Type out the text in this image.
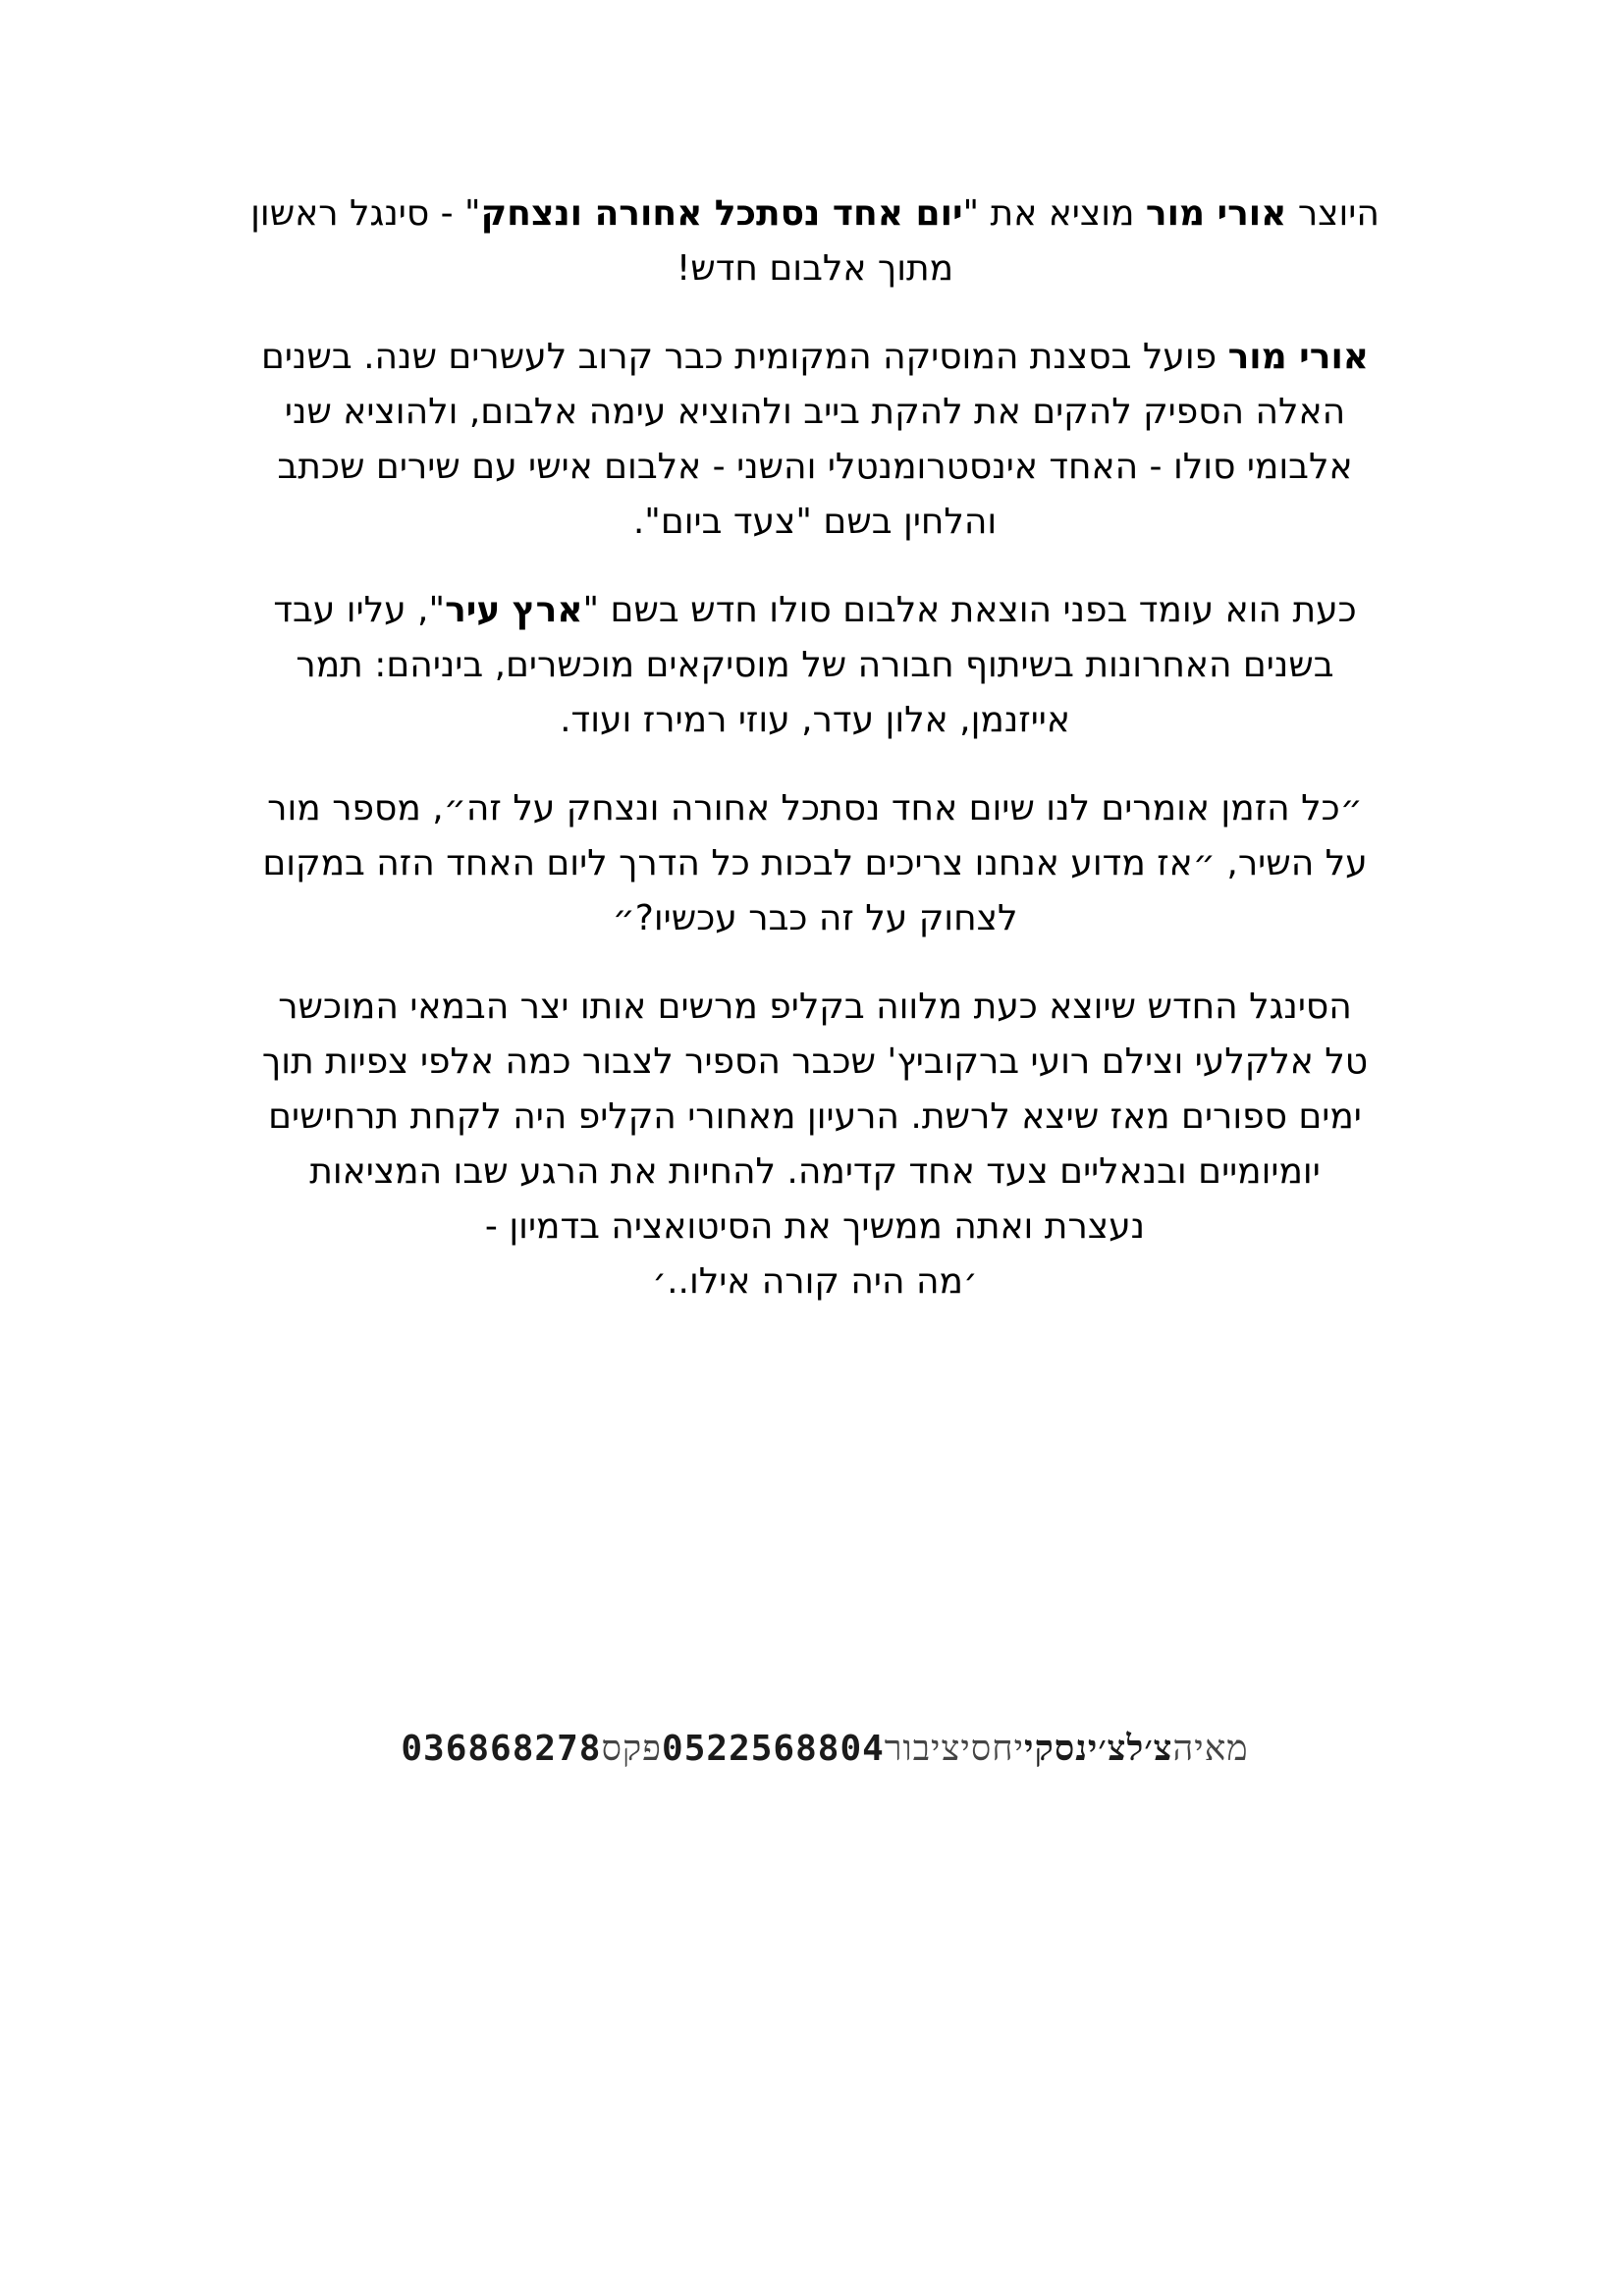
היוצר אורי מור מוציא את "יום אחד נסתכל אחורה ונצחק" - סינגל ראשון
מתוך אלבום חדש!

אורי מור פועל בסצנת המוסיקה המקומית כבר קרוב לעשרים שנה. בשנים
האלה הספיק להקים את להקת בייב ולהוציא עימה אלבום, ולהוציא שני
אלבומי סולו - האחד אינסטרומנטלי והשני - אלבום אישי עם שירים שכתב
והלחין בשם "צעד ביום".

כעת הוא עומד בפני הוצאת אלבום סולו חדש בשם "ארץ עיר", עליו עבד
בשנים האחרונות בשיתוף חבורה של מוסיקאים מוכשרים, ביניהם: תמר
אייזנמן, אלון עדר, עוזי רמירז ועוד.

״כל הזמן אומרים לנו שיום אחד נסתכל אחורה ונצחק על זה״, מספר מור
על השיר, ״אז מדוע אנחנו צריכים לבכות כל הדרך ליום האחד הזה במקום
לצחוק על זה כבר עכשיו?״

הסינגל החדש שיוצא כעת מלווה בקליפ מרשים אותו יצר הבמאי המוכשר
טל אלקלעי וצילם רועי ברקוביץ' שכבר הספיר לצבור כמה אלפי צפיות תוך
ימים ספורים מאז שיצא לרשת. הרעיון מאחורי הקליפ היה לקחת תרחישים
יומיומיים ובנאליים צעד אחד קדימה. להחיות את הרגע שבו המציאות
נעצרת ואתה ממשיך את הסיטואציה בדמיון -
׳מה היה קורה אילו..׳

מאיהצ׳לצ׳ינסקייחסיציבור0522568804פקס036868278
